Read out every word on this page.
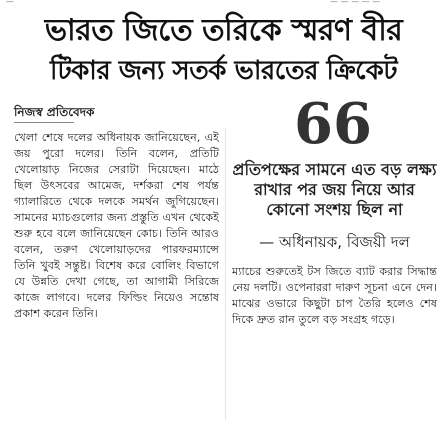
—	— — — — —
ভারত জিতে তরিকে স্মরণ বীর
টিকার জন্য সতর্ক ভারতের ক্রিকেট
নিজস্ব প্রতিবেদক
খেলা শেষে দলের অধিনায়ক জানিয়েছেন, এই জয় পুরো দলের। তিনি বলেন, প্রতিটি খেলোয়াড় নিজের সেরাটা দিয়েছেন। মাঠে ছিল উৎসবের আমেজ, দর্শকরা শেষ পর্যন্ত গ্যালারিতে থেকে দলকে সমর্থন জুগিয়েছেন। সামনের ম্যাচগুলোর জন্য প্রস্তুতি এখন থেকেই শুরু হবে বলে জানিয়েছেন কোচ। তিনি আরও বলেন, তরুণ খেলোয়াড়দের পারফরম্যান্সে তিনি খুবই সন্তুষ্ট। বিশেষ করে বোলিং বিভাগে যে উন্নতি দেখা গেছে, তা আগামী সিরিজে কাজে লাগবে। দলের ফিল্ডিং নিয়েও সন্তোষ প্রকাশ করেন তিনি।
66
প্রতিপক্ষের সামনে এত বড় লক্ষ্য রাখার পর জয় নিয়ে আর কোনো সংশয় ছিল না
— অধিনায়ক, বিজয়ী দল
ম্যাচের শুরুতেই টস জিতে ব্যাট করার সিদ্ধান্ত নেয় দলটি। ওপেনাররা দারুণ সূচনা এনে দেন। মাঝের ওভারে কিছুটা চাপ তৈরি হলেও শেষ দিকে দ্রুত রান তুলে বড় সংগ্রহ গড়ে।
